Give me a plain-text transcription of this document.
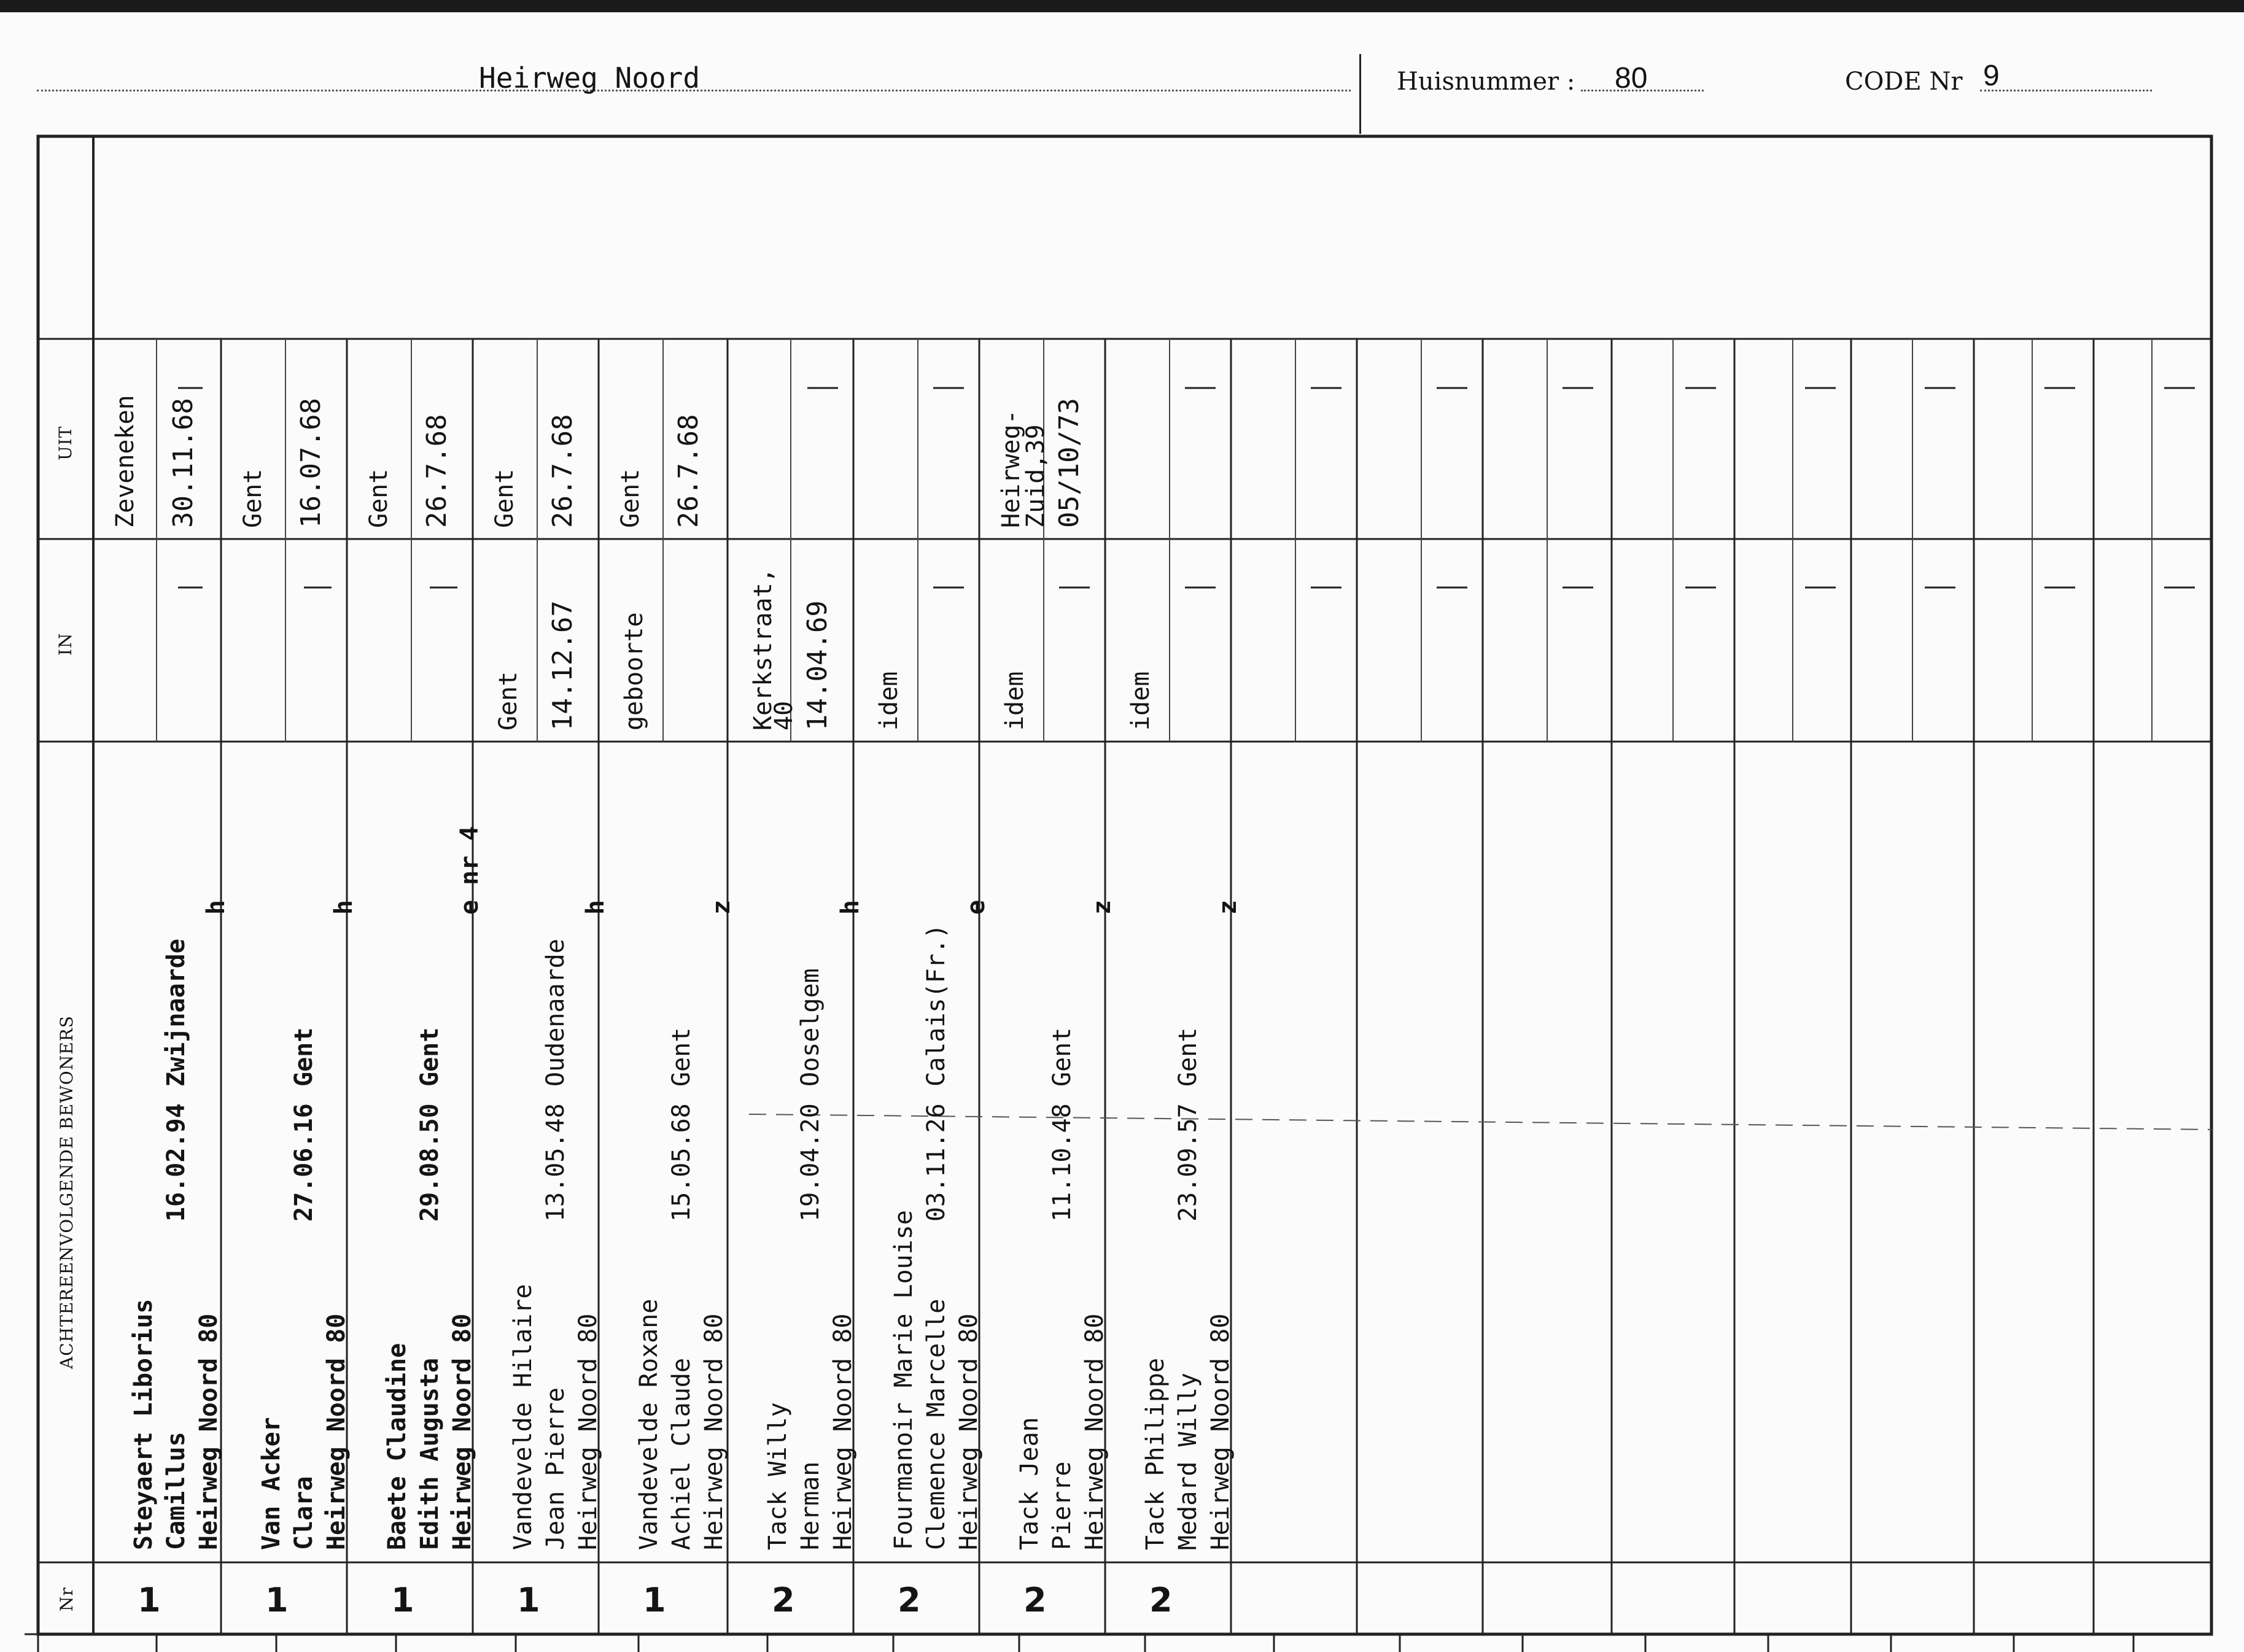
Heirweg Noord	Huisnummer : 80	CODE Nr 9
UIT
IN
ACHTEREENVOLGENDE BEWONERS
Nr 1
Steyaert Liborius Camillus Heirweg Noord 80
16.02.94
Zwijnaarde
h
Zeveneken 30.11.68
1
Van Acker Clara Heirweg Noord 80
27.06.16
Gent
h
Gent 16.07.68
1
Baete Claudine Edith Augusta Heirweg Noord 80
29.08.50
Gent
e nr 4
Gent 26.7.68
1
Vandevelde Hilaire Jean Pierre Heirweg Noord 80
13.05.48
Oudenaarde
h
Gent 14.12.67
Gent 26.7.68
1
Vandevelde Roxane Achiel Claude Heirweg Noord 80
15.05.68
Gent
z
geboorte
Gent 26.7.68
2
Tack Willy Herman Heirweg Noord 80
19.04.20
Ooselgem
h
Kerkstraat,
40 14.04.69
2
Fourmanoir Marie Louise Clemence Marcelle Heirweg Noord 80
03.11.26
Calais(Fr.)
e
idem
2
Tack Jean Pierre Heirweg Noord 80
11.10.48
Gent
z
idem
Heirweg-
Zuid,39 05/10/73
2
Tack Philippe Medard Willy Heirweg Noord 80
23.09.57
Gent
z
idem
